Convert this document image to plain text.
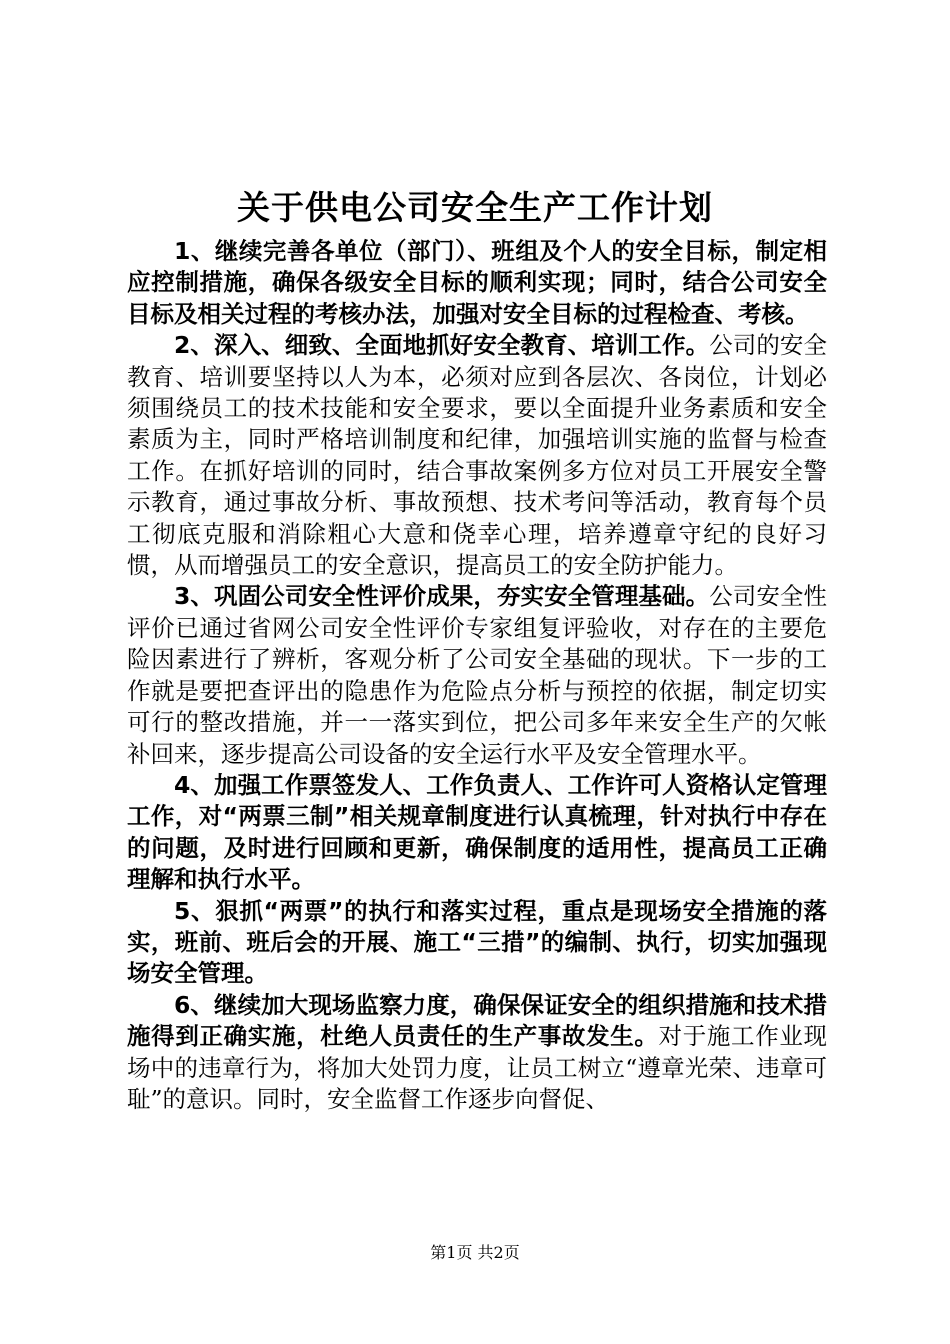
关于供电公司安全生产工作计划

1、继续完善各单位（部门）、班组及个人的安全目标，制定相应控制措施，确保各级安全目标的顺利实现；同时，结合公司安全目标及相关过程的考核办法，加强对安全目标的过程检查、考核。

2、深入、细致、全面地抓好安全教育、培训工作。公司的安全教育、培训要坚持以人为本，必须对应到各层次、各岗位，计划必须围绕员工的技术技能和安全要求，要以全面提升业务素质和安全素质为主，同时严格培训制度和纪律，加强培训实施的监督与检查工作。在抓好培训的同时，结合事故案例多方位对员工开展安全警示教育，通过事故分析、事故预想、技术考问等活动，教育每个员工彻底克服和消除粗心大意和侥幸心理，培养遵章守纪的良好习惯，从而增强员工的安全意识，提高员工的安全防护能力。

3、巩固公司安全性评价成果，夯实安全管理基础。公司安全性评价已通过省网公司安全性评价专家组复评验收，对存在的主要危险因素进行了辨析，客观分析了公司安全基础的现状。下一步的工作就是要把查评出的隐患作为危险点分析与预控的依据，制定切实可行的整改措施，并一一落实到位，把公司多年来安全生产的欠帐补回来，逐步提高公司设备的安全运行水平及安全管理水平。

4、加强工作票签发人、工作负责人、工作许可人资格认定管理工作，对“两票三制”相关规章制度进行认真梳理，针对执行中存在的问题，及时进行回顾和更新，确保制度的适用性，提高员工正确理解和执行水平。

5、狠抓“两票”的执行和落实过程，重点是现场安全措施的落实，班前、班后会的开展、施工“三措”的编制、执行，切实加强现场安全管理。

6、继续加大现场监察力度，确保保证安全的组织措施和技术措施得到正确实施，杜绝人员责任的生产事故发生。对于施工作业现场中的违章行为，将加大处罚力度，让员工树立“遵章光荣、违章可耻”的意识。同时，安全监督工作逐步向督促、

第1页 共2页
